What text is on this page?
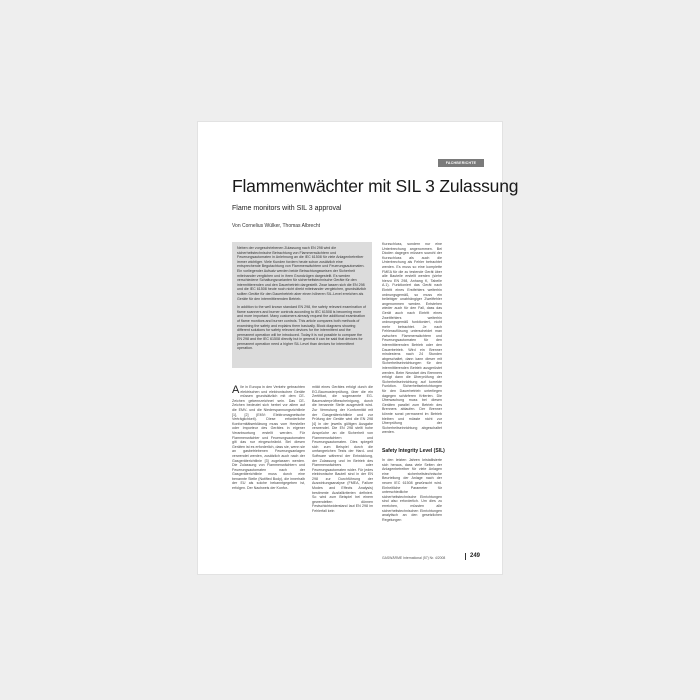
FACHBERICHTE
Flammenwächter mit SIL 3 Zulassung
Flame monitors with SIL 3 approval
Von Cornelius Wülker, Thomas Albrecht

Neben der vorgeschriebenen Zulassung nach EN 298 wird die sicherheitstechnische Betrachtung von Flammenwächtern und Feuerungsautomaten in Anlehnung an die IEC 61508 für viele Anlagenbetreiber immer wichtiger. Viele Kunden fordern heute schon zusätzlich eine entsprechende Begutachtung von Flammenwächtern und Feuerungsautomaten. Ein vorliegender Aufsatz werden beide Betrachtungsweisen der Sicherheit miteinander verglichen und in ihren Grundzügen dargestellt. Es werden verschiedene Schaltungsvarianten für sicherheitstechnische Geräte für den intermittierenden und den Dauerbetrieb dargestellt. Zwar lassen sich die EN 298 und die IEC 61508 heute noch nicht direkt miteinander vergleichen, grundsätzlich sollten Geräte für den Dauerbetrieb aber einen höheren SIL-Level erreichen als Geräte für den intermittierenden Betrieb.

In addition to the well known standard EN 298, the safety relevant examination of flame scanners and burner controls according to IEC 61508 is becoming more and more important. Many customers already request the additional examination of flame monitors and burner controls. This article compares both methods of examining the safety and explains them basically. Block diagrams showing different solutions for safety relevant devices for the intermittent and the permanent operation will be introduced. Today it is not possible to compare the EN 298 and the IEC 61508 directly but in general it can be said that devices for permanent operation need a higher SIL Level than devices for intermittent operation.

Alle in Europa in den Verkehr gebrachten elektrischen und elektronischen Geräte müssen grundsätzlich mit dem CE-Zeichen gekennzeichnet sein. Das CE-Zeichen bedeutet sich herbei vor allem auf die EMV- und die Niederspannungsrichtlinie [1], [2] (EMV: Elektromagnetische Verträglichkeit). Diese erforderliche Konformitätserklärung muss vom Hersteller oder Importeur des Gerätes in eigener Verantwortung erstellt werden. Für Flammenwächter und Feuerungsautomaten gilt das nur eingeschränkt. Bei diesen Geräten ist es erforderlich, dass sie, wenn sie an gasbetriebenen Feuerungsanlagen verwendet werden, zusätzlich auch nach der Gasgeräterichtlinie [3] zugelassen werden. Die Zulassung von Flammenwächtern und Feuerungsautomaten nach der Gasgeräterichtlinie muss durch eine benannte Stelle (Notified Body), die innerhalb der EU als solche bekanntgegeben ist, erfolgen. Der Nachweis der Konfor-

mität eines Gerätes erfolgt durch die EG-Baumusterprüfung, über die ein Zertifikat, die sogenannte EG-Baumusterprüfbescheinigung, durch die benannte Stelle ausgestellt wird. Zur Vermutung der Konformität mit der Gasgeräterichtlinie und zur Prüfung der Geräte wird die EN 298 [4] in der jeweils gültigen Ausgabe verwendet. Die EN 298 stellt hohe Ansprüche an die Sicherheit von Flammenwächtern und Feuerungsautomaten. Dies spiegelt sich zum Beispiel durch die umfangreichen Tests der Hard- und Software während der Entwicklung, der Zulassung und im Betrieb des Flammenwächters oder Feuerungsautomaten wider. Für jedes elektronische Bauteil sind in der EN 298 zur Durchführung der Auswirkungsanalyse (FMEA, Failure Modes and Effects Analysis) bestimmte Ausfallkriterien definiert. So wird zum Beispiel bei einem gewendelten dünnen Festschichtwiderstand laut EN 298 im Fehlerfall kein

Kurzschluss, sondern nur eine Unterbrechung angenommen. Bei Dioden dagegen müssen sowohl der Kurzschluss als auch die Unterbrechung als Fehler betrachtet werden. Es muss so eine komplette FMEA für die zu testende Gerät über alle Bauteile erstellt werden (siehe hierzu EN 298, Anhang K, Tabelle A.1). Funktioniert das Gerät nach Eintritt eines Erstfehlers weiterhin ordnungsgemäß, so muss ein beliebiger unabhängiger Zweitfehler angenommen werden. Entstehen wieder auch für den Fall, dass das Gerät auch nach Eintritt eines Zweitfehlers weiterhin ordnungsgemäß funktioniert, nicht mehr betrachtet. Je nach Fehlerauflösung unterscheidet man zwischen Flammenwächtern und Feuerungsautomaten für den intermittierenden Betrieb oder den Dauerbetrieb. Wird ein Brenner mindestens nach 24 Stunden abgeschaltet, dann kann dieser mit Sicherheitseinrichtungen für den intermittierenden Betrieb ausgerüstet werden. Beim Neustart des Brenners erfolgt dann die Überprüfung der Sicherheitseinrichtung auf korrekte Funktion. Sicherheitseinrichtungen für den Dauerbetrieb unterliegen dagegen schärferen Kriterien. Die Überwachung muss bei diesen Geräten parallel zum Betrieb des Brenners ablaufen. Der Brenner könnte sonst permanent im Betrieb bleiben und müsste nicht zur Überprüfung der Sicherheitseinrichtung abgeschaltet werden.

Safety Integrity Level (SIL)

In den letzten Jahren kristallisierte sich heraus, dass viele Seiten der Anlagenbetreiber für viele Anlagen eine sicherheitstechnische Beurteilung der Anlage nach der neuen IEC 61508 gewünscht wird. Einheitliche Parameter für unterschiedliche sicherheitstechnische Einrichtungen sind also erforderlich. Um dies zu erreichen, müssten alle sicherheitstechnischen Einrichtungen analytisch an den gesetzlichen Regelungen

GASWÄRME International (57) Nr. 4/2008	249
